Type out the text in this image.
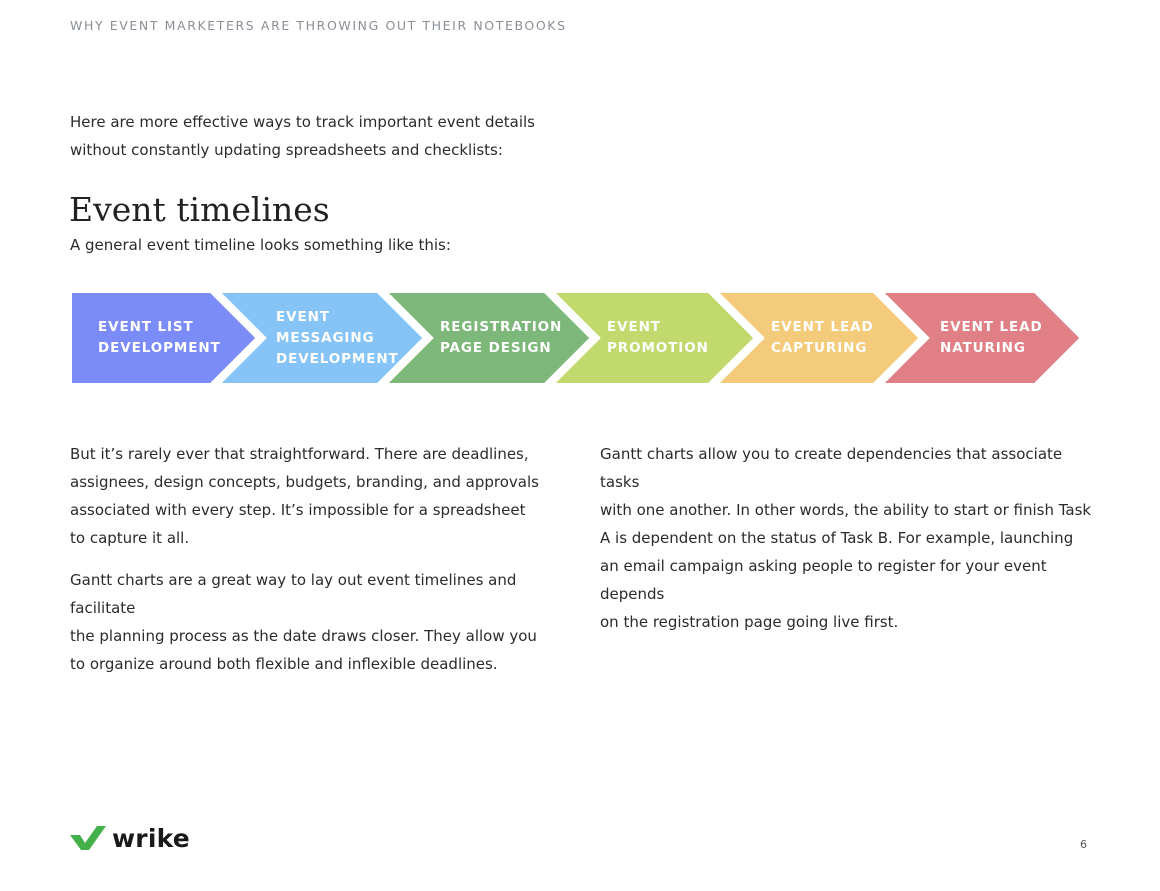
WHY EVENT MARKETERS ARE THROWING OUT THEIR NOTEBOOKS

Here are more effective ways to track important event details

without constantly updating spreadsheets and checklists:

Event timelines
A general event timeline looks something like this:
EVENT LIST
DEVELOPMENT
EVENT
MESSAGING
DEVELOPMENT
REGISTRATION
PAGE DESIGN
EVENT
PROMOTION
EVENT LEAD
CAPTURING
EVENT LEAD
NATURING

But it’s rarely ever that straightforward. There are deadlines,
assignees, design concepts, budgets, branding, and approvals
associated with every step. It’s impossible for a spreadsheet
to capture it all.

Gantt charts are a great way to lay out event timelines and facilitate
the planning process as the date draws closer. They allow you
to organize around both flexible and inflexible deadlines.

Gantt charts allow you to create dependencies that associate tasks
with one another. In other words, the ability to start or finish Task
A is dependent on the status of Task B. For example, launching
an email campaign asking people to register for your event depends
on the registration page going live first.

wrike	6
